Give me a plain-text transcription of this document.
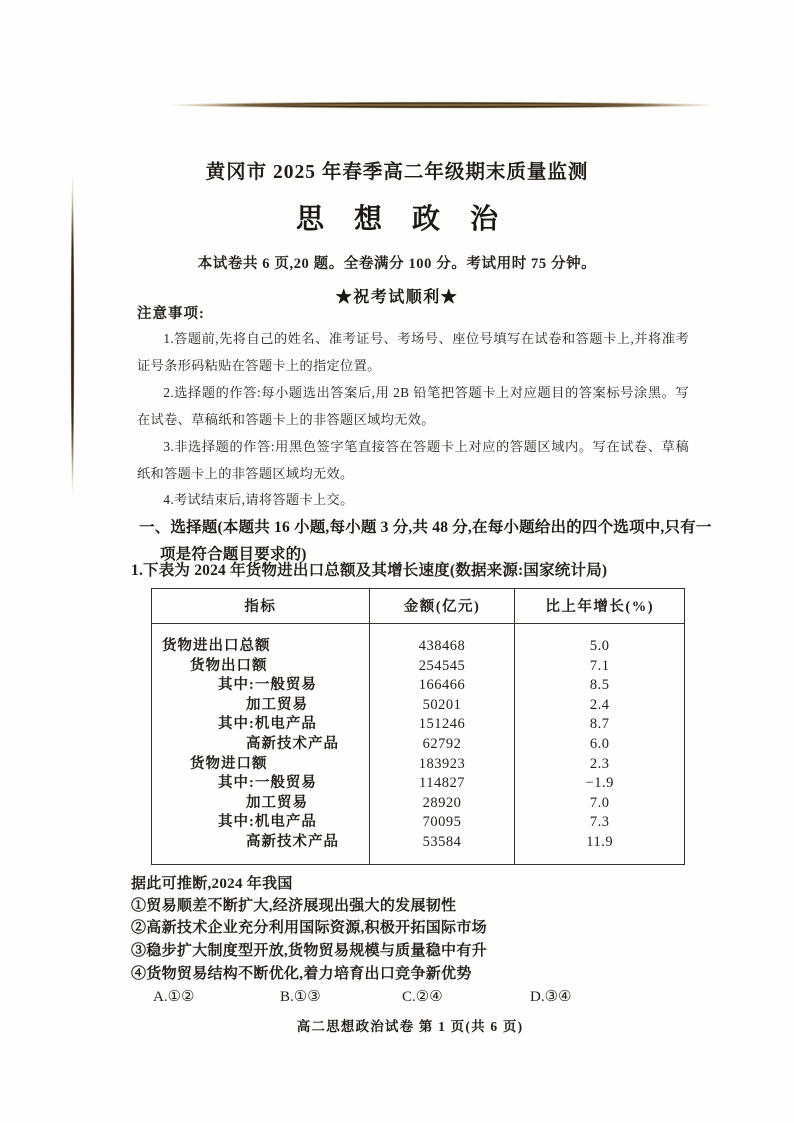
黄冈市 2025 年春季高二年级期末质量监测
思想政治
本试卷共 6 页,20 题。全卷满分 100 分。考试用时 75 分钟。
★祝考试顺利★
注意事项:

1.答题前,先将自己的姓名、准考证号、考场号、座位号填写在试卷和答题卡上,并将准考证号条形码粘贴在答题卡上的指定位置。

2.选择题的作答:每小题选出答案后,用 2B 铅笔把答题卡上对应题目的答案标号涂黑。写在试卷、草稿纸和答题卡上的非答题区域均无效。

3.非选择题的作答:用黑色签字笔直接答在答题卡上对应的答题区域内。写在试卷、草稿纸和答题卡上的非答题区域均无效。

4.考试结束后,请将答题卡上交。

一、选择题(本题共 16 小题,每小题 3 分,共 48 分,在每小题给出的四个选项中,只有一项是符合题目要求的)
1.下表为 2024 年货物进出口总额及其增长速度(数据来源:国家统计局)
指标	金额(亿元)	比上年增长(%)
货物进出口总额	438468	5.0
货物出口额	254545	7.1
其中:一般贸易	166466	8.5
加工贸易	50201	2.4
其中:机电产品	151246	8.7
高新技术产品	62792	6.0
货物进口额	183923	2.3
其中:一般贸易	114827	−1.9
加工贸易	28920	7.0
其中:机电产品	70095	7.3
高新技术产品	53584	11.9
据此可推断,2024 年我国

①贸易顺差不断扩大,经济展现出强大的发展韧性

②高新技术企业充分利用国际资源,积极开拓国际市场

③稳步扩大制度型开放,货物贸易规模与质量稳中有升

④货物贸易结构不断优化,着力培育出口竞争新优势

A.①②	B.①③	C.②④	D.③④
高二思想政治试卷 第 1 页(共 6 页)
